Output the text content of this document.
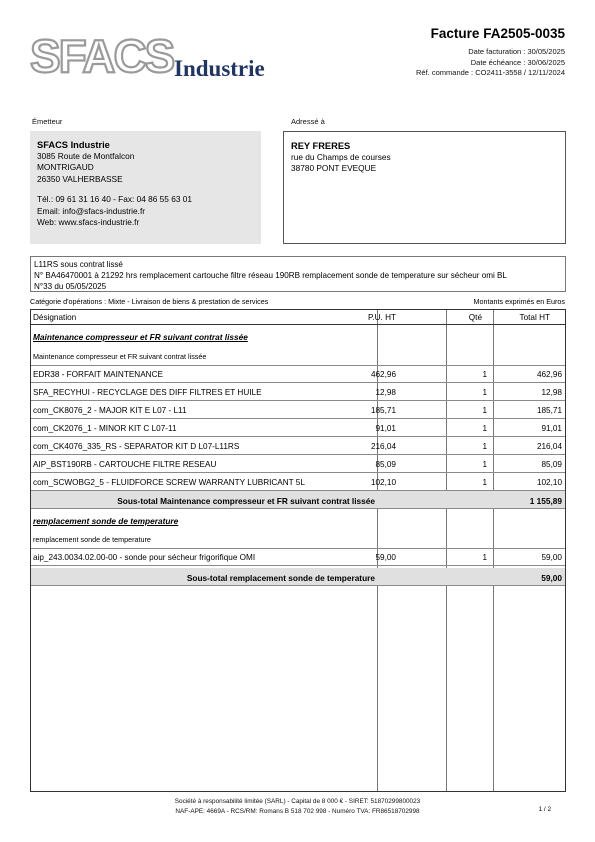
SFACS Industrie
Facture FA2505-0035
Date facturation : 30/05/2025
Date échéance : 30/06/2025
Réf. commande : CO2411-3558 / 12/11/2024
Émetteur
SFACS Industrie
3085 Route de Montfalcon
MONTRIGAUD
26350 VALHERBASSE
Tél.: 09 61 31 16 40 - Fax: 04 86 55 63 01
Email: info@sfacs-industrie.fr
Web: www.sfacs-industrie.fr
Adressé à
REY FRERES
rue du Champs de courses
38780 PONT EVEQUE
L11RS sous contrat lissé
N° BA46470001 à 21292 hrs remplacement cartouche filtre réseau 190RB remplacement sonde de temperature sur sécheur omi BL
N°33 du 05/05/2025
Catégorie d'opérations : Mixte - Livraison de biens & prestation de services	Montants exprimés en Euros
Désignation	P.U. HT	Qté	Total HT
Maintenance compresseur et FR suivant contrat lissée
Maintenance compresseur et FR suivant contrat lissée
EDR38 - FORFAIT MAINTENANCE	462,96	1	462,96
SFA_RECYHUI - RECYCLAGE DES DIFF FILTRES ET HUILE	12,98	1	12,98
com_CK8076_2 - MAJOR KIT E L07 - L11	185,71	1	185,71
com_CK2076_1 - MINOR KIT C L07-11	91,01	1	91,01
com_CK4076_335_RS - SEPARATOR KIT D L07-L11RS	216,04	1	216,04
AIP_BST190RB - CARTOUCHE FILTRE RESEAU	85,09	1	85,09
com_SCWOBG2_5 - FLUIDFORCE SCREW WARRANTY LUBRICANT 5L	102,10	1	102,10
Sous-total Maintenance compresseur et FR suivant contrat lissée	1 155,89
remplacement sonde de temperature
remplacement sonde de temperature
aip_243.0034.02.00-00 - sonde pour sécheur frigorifique OMI	59,00	1	59,00
Sous-total remplacement sonde de temperature	59,00
Société à responsabilité limitée (SARL) - Capital de 8 000 € - SIRET: 51870299800023
NAF-APE: 4669A - RCS/RM: Romans B 518 702 998 - Numéro TVA: FR86518702998	1 / 2
